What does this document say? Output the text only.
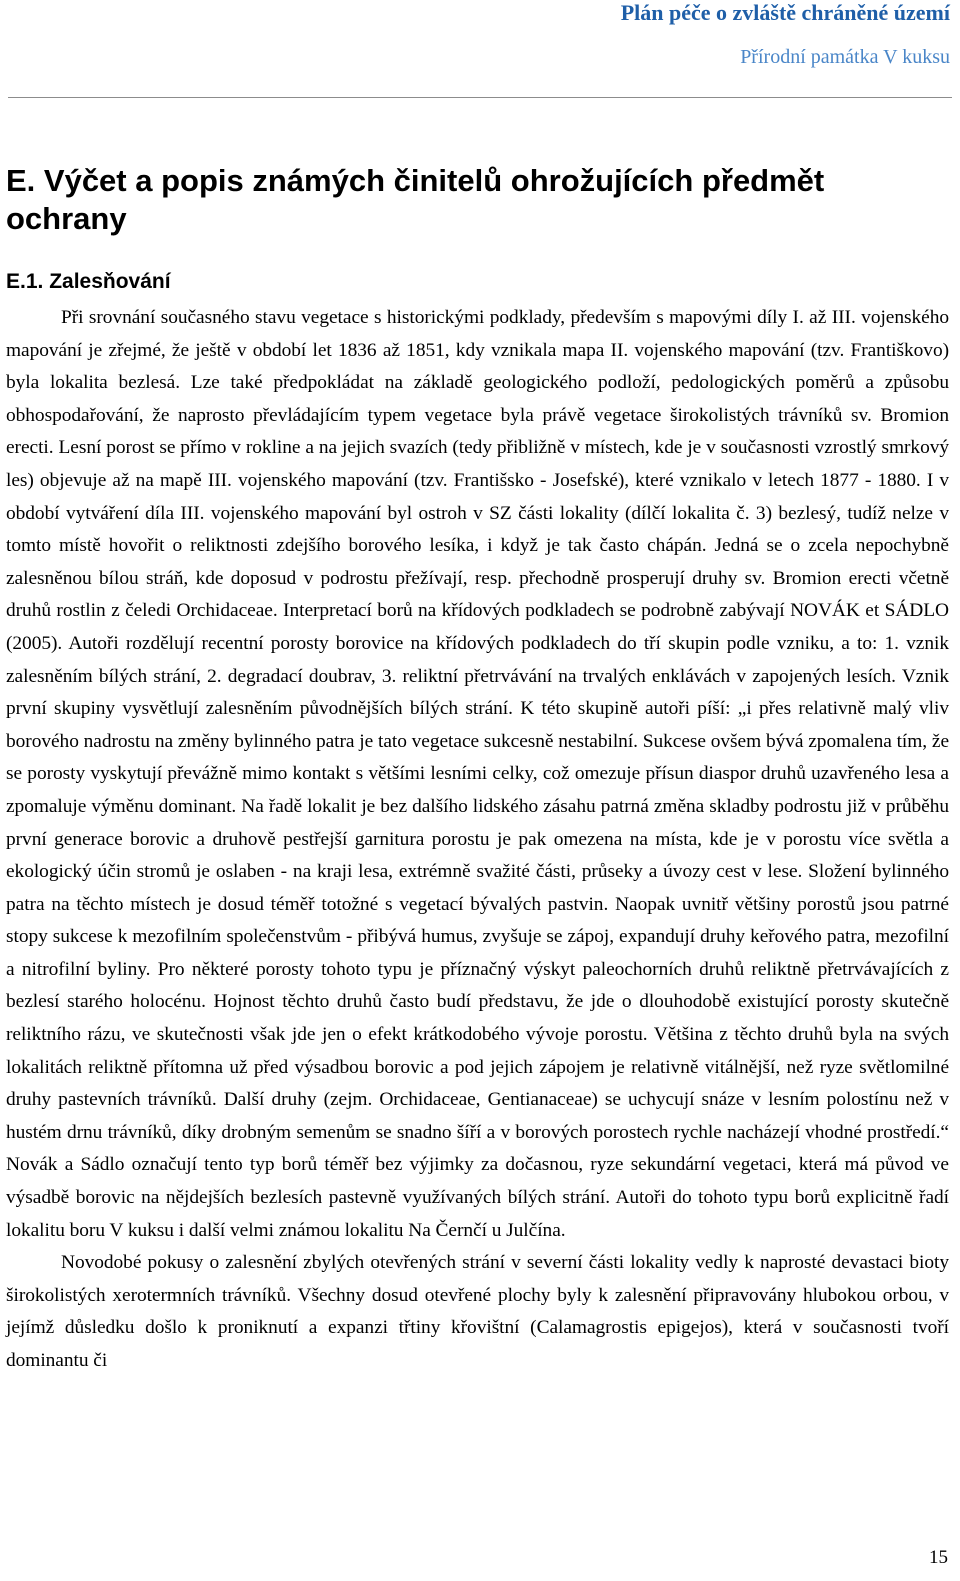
Plán péče o zvláště chráněné území
Přírodní památka V kuksu
E. Výčet a popis známých činitelů ohrožujících předmět ochrany
E.1. Zalesňování

Při srovnání současného stavu vegetace s historickými podklady, především s mapovými díly I. až III. vojenského mapování je zřejmé, že ještě v období let 1836 až 1851, kdy vznikala mapa II. vojenského mapování (tzv. Františkovo) byla lokalita bezlesá. Lze také předpokládat na základě geologického podloží, pedologických poměrů a způsobu obhospodařování, že naprosto převládajícím typem vegetace byla právě vegetace širokolistých trávníků sv. Bromion erecti. Lesní porost se přímo v rokline a na jejich svazích (tedy přibližně v místech, kde je v současnosti vzrostlý smrkový les) objevuje až na mapě III. vojenského mapování (tzv. Františsko - Josefské), které vznikalo v letech 1877 - 1880. I v období vytváření díla III. vojenského mapování byl ostroh v SZ části lokality (dílčí lokalita č. 3) bezlesý, tudíž nelze v tomto místě hovořit o reliktnosti zdejšího borového lesíka, i když je tak často chápán. Jedná se o zcela nepochybně zalesněnou bílou stráň, kde doposud v podrostu přežívají, resp. přechodně prosperují druhy sv. Bromion erecti včetně druhů rostlin z čeledi Orchidaceae. Interpretací borů na křídových podkladech se podrobně zabývají NOVÁK et SÁDLO (2005). Autoři rozdělují recentní porosty borovice na křídových podkladech do tří skupin podle vzniku, a to: 1. vznik zalesněním bílých strání, 2. degradací doubrav, 3. reliktní přetrvávání na trvalých enklávách v zapojených lesích. Vznik první skupiny vysvětlují zalesněním původnějších bílých strání. K této skupině autoři píší: „i přes relativně malý vliv borového nadrostu na změny bylinného patra je tato vegetace sukcesně nestabilní. Sukcese ovšem bývá zpomalena tím, že se porosty vyskytují převážně mimo kontakt s většími lesními celky, což omezuje přísun diaspor druhů uzavřeného lesa a zpomaluje výměnu dominant. Na řadě lokalit je bez dalšího lidského zásahu patrná změna skladby podrostu již v průběhu první generace borovic a druhově pestřejší garnitura porostu je pak omezena na místa, kde je v porostu více světla a ekologický účin stromů je oslaben - na kraji lesa, extrémně svažité části, průseky a úvozy cest v lese. Složení bylinného patra na těchto místech je dosud téměř totožné s vegetací bývalých pastvin. Naopak uvnitř většiny porostů jsou patrné stopy sukcese k mezofilním společenstvům - přibývá humus, zvyšuje se zápoj, expandují druhy keřového patra, mezofilní a nitrofilní byliny. Pro některé porosty tohoto typu je příznačný výskyt paleochorních druhů reliktně přetrvávajících z bezlesí starého holocénu. Hojnost těchto druhů často budí představu, že jde o dlouhodobě existující porosty skutečně reliktního rázu, ve skutečnosti však jde jen o efekt krátkodobého vývoje porostu. Většina z těchto druhů byla na svých lokalitách reliktně přítomna už před výsadbou borovic a pod jejich zápojem je relativně vitálnější, než ryze světlomilné druhy pastevních trávníků. Další druhy (zejm. Orchidaceae, Gentianaceae) se uchycují snáze v lesním polostínu než v hustém drnu trávníků, díky drobným semenům se snadno šíří a v borových porostech rychle nacházejí vhodné prostředí.“ Novák a Sádlo označují tento typ borů téměř bez výjimky za dočasnou, ryze sekundární vegetaci, která má původ ve výsadbě borovic na nějdejších bezlesích pastevně využívaných bílých strání. Autoři do tohoto typu borů explicitně řadí lokalitu boru V kuksu i další velmi známou lokalitu Na Černčí u Julčína.

Novodobé pokusy o zalesnění zbylých otevřených strání v severní části lokality vedly k naprosté devastaci bioty širokolistých xerotermních trávníků. Všechny dosud otevřené plochy byly k zalesnění připravovány hlubokou orbou, v jejímž důsledku došlo k proniknutí a expanzi třtiny křovištní (Calamagrostis epigejos), která v současnosti tvoří dominantu či

15
